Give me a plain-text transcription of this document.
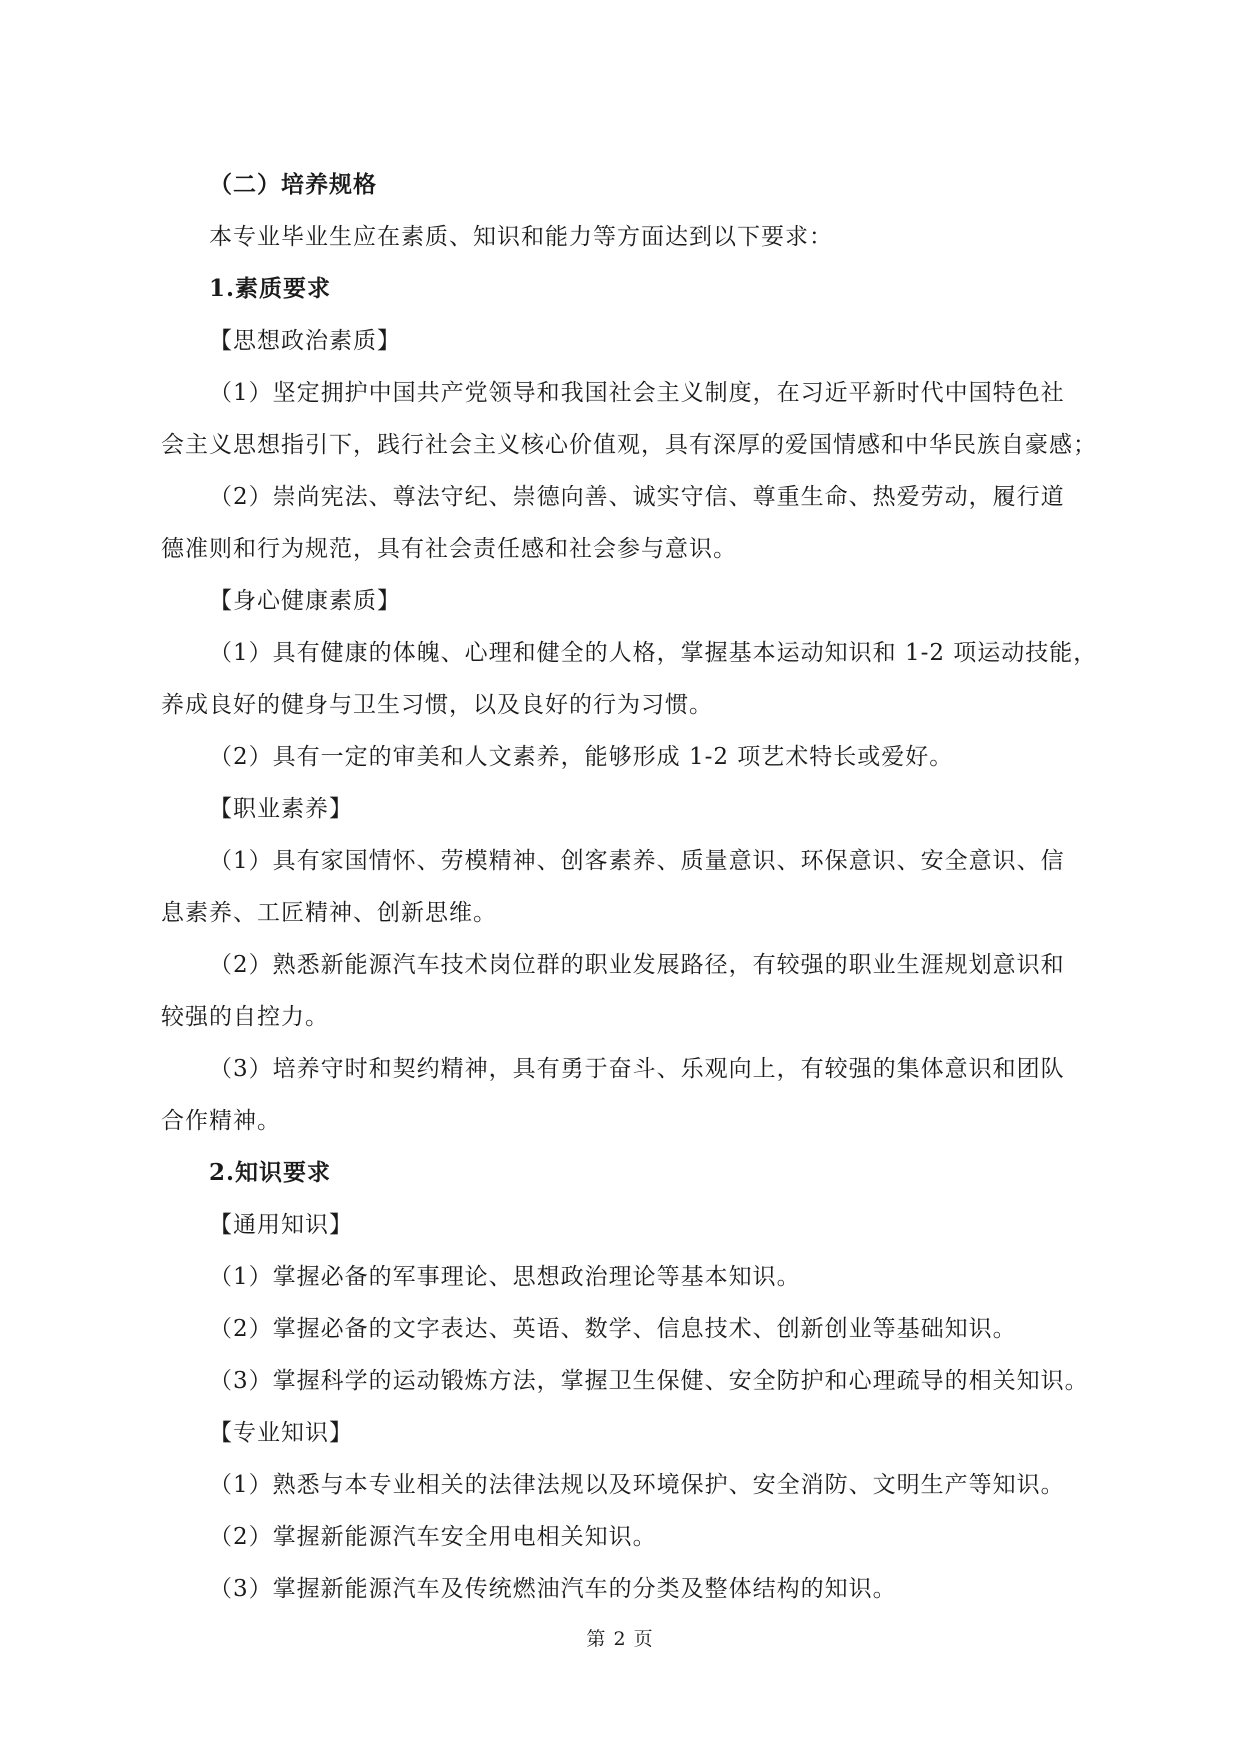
（二）培养规格

本专业毕业生应在素质、知识和能力等方面达到以下要求：

1.素质要求

【思想政治素质】

（1）坚定拥护中国共产党领导和我国社会主义制度，在习近平新时代中国特色社

会主义思想指引下，践行社会主义核心价值观，具有深厚的爱国情感和中华民族自豪感；

（2）崇尚宪法、尊法守纪、崇德向善、诚实守信、尊重生命、热爱劳动，履行道

德准则和行为规范，具有社会责任感和社会参与意识。

【身心健康素质】

（1）具有健康的体魄、心理和健全的人格，掌握基本运动知识和 1-2 项运动技能，

养成良好的健身与卫生习惯，以及良好的行为习惯。

（2）具有一定的审美和人文素养，能够形成 1-2 项艺术特长或爱好。

【职业素养】

（1）具有家国情怀、劳模精神、创客素养、质量意识、环保意识、安全意识、信

息素养、工匠精神、创新思维。

（2）熟悉新能源汽车技术岗位群的职业发展路径，有较强的职业生涯规划意识和

较强的自控力。

（3）培养守时和契约精神，具有勇于奋斗、乐观向上，有较强的集体意识和团队

合作精神。

2.知识要求

【通用知识】

（1）掌握必备的军事理论、思想政治理论等基本知识。

（2）掌握必备的文字表达、英语、数学、信息技术、创新创业等基础知识。

（3）掌握科学的运动锻炼方法，掌握卫生保健、安全防护和心理疏导的相关知识。

【专业知识】

（1）熟悉与本专业相关的法律法规以及环境保护、安全消防、文明生产等知识。

（2）掌握新能源汽车安全用电相关知识。

（3）掌握新能源汽车及传统燃油汽车的分类及整体结构的知识。

第 2 页
